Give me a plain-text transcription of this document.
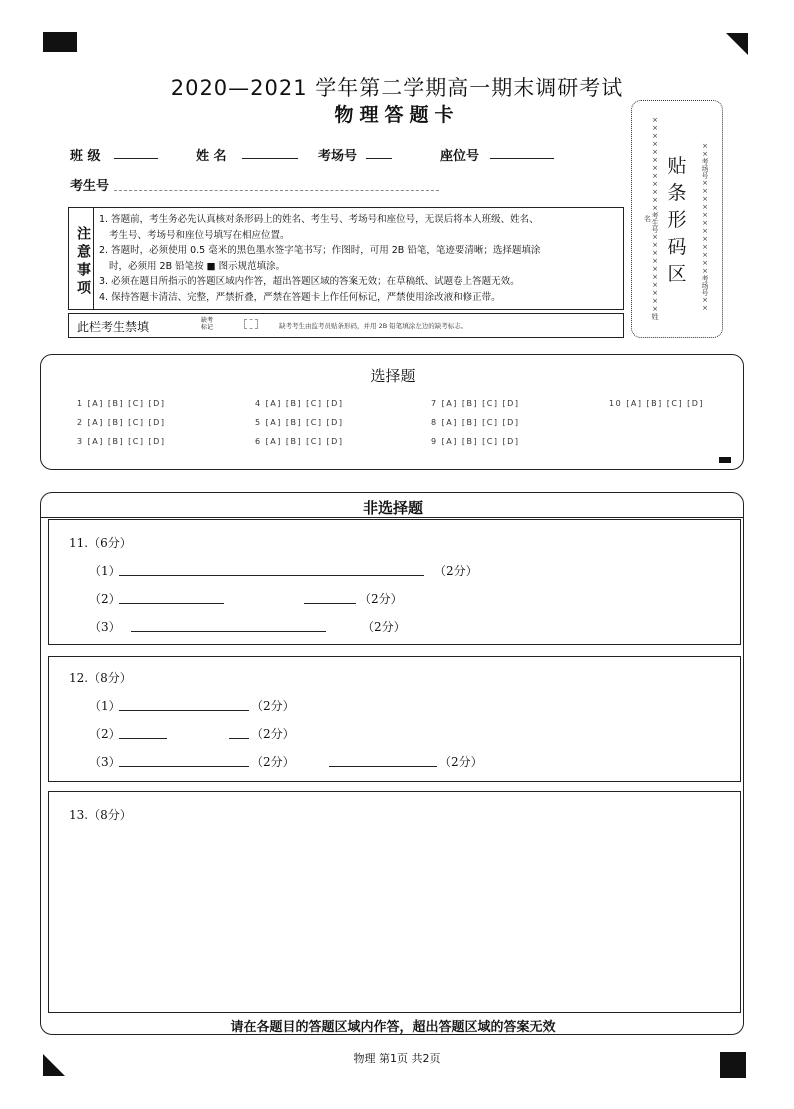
2020—2021 学年第二学期高一期末调研考试
物理答题卡
班 级	姓 名	考场号	座位号
考生号
注意事项
1. 答题前，考生务必先认真核对条形码上的姓名、考生号、考场号和座位号，无误后将本人班级、姓名、
考生号、考场号和座位号填写在相应位置。
2. 答题时，必须使用 0.5 毫米的黑色墨水签字笔书写；作图时，可用 2B 铅笔，笔迹要清晰；选择题填涂
时，必须用 2B 铅笔按 ■ 图示规范填涂。
3. 必须在题目所指示的答题区域内作答，超出答题区域的答案无效；在草稿纸、试题卷上答题无效。
4. 保持答题卡清洁、完整，严禁折叠，严禁在答题卡上作任何标记，严禁使用涂改液和修正带。
此栏考生禁填	缺考标记	缺考考生由监考员贴条形码，并用 2B 铅笔填涂左边的缺考标志。
××××××××××××考生号××××××××××姓名
贴
条
形
码
区 ××考场号××××××××××××考场号××
选择题
1 [A] [B] [C] [D]
2 [A] [B] [C] [D]
3 [A] [B] [C] [D]
4 [A] [B] [C] [D]
5 [A] [B] [C] [D]
6 [A] [B] [C] [D]
7 [A] [B] [C] [D]
8 [A] [B] [C] [D]
9 [A] [B] [C] [D]
10 [A] [B] [C] [D]
非选择题
11.（6分）
（1）	（2分）
（2）	（2分）
（3）	（2分）
12.（8分）
（1）	（2分）
（2）	（2分）
（3）	（2分）	（2分）
13.（8分）
请在各题目的答题区域内作答，超出答题区域的答案无效
物理 第1页 共2页
